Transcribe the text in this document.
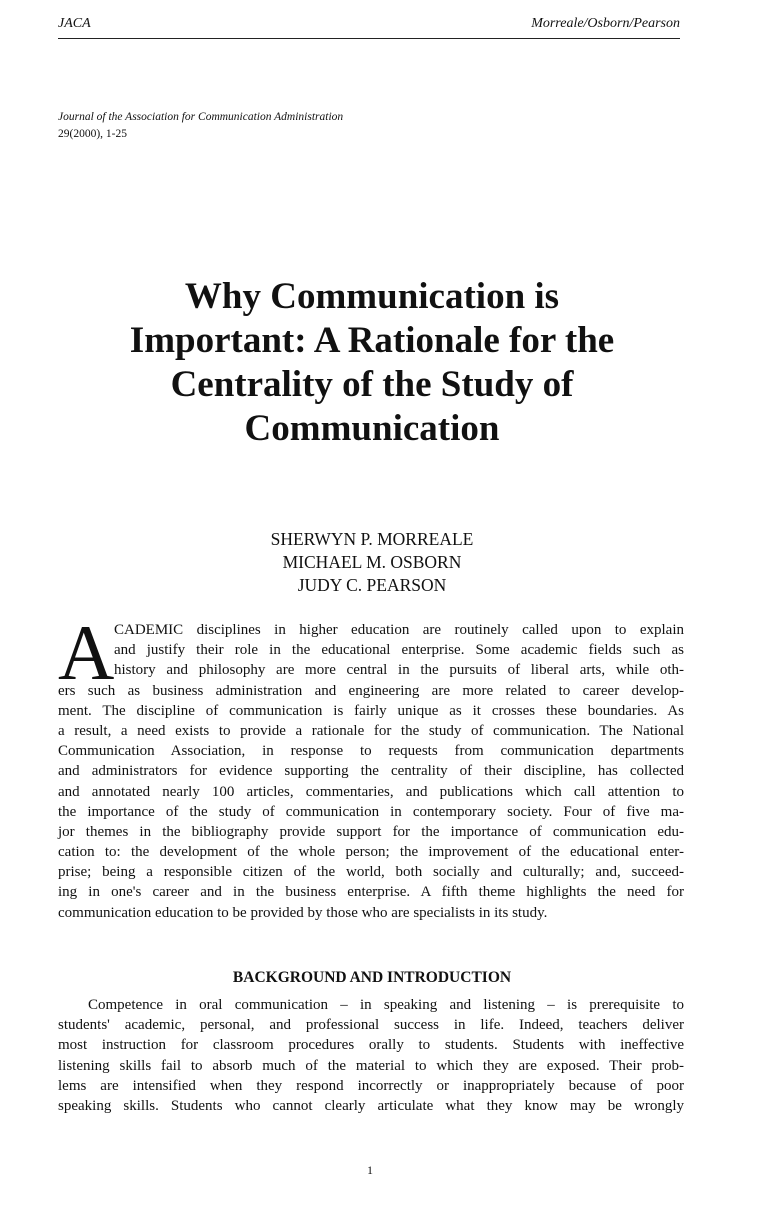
JACA	Morreale/Osborn/Pearson
Journal of the Association for Communication Administration
29(2000), 1-25
Why Communication is
Important: A Rationale for the
Centrality of the Study of
Communication
SHERWYN P. MORREALE
MICHAEL M. OSBORN
JUDY C. PEARSON
A CADEMIC disciplines in higher education are routinely called upon to explain
and justify their role in the educational enterprise. Some academic fields such as
history and philosophy are more central in the pursuits of liberal arts, while oth-
ers such as business administration and engineering are more related to career develop-
ment. The discipline of communication is fairly unique as it crosses these boundaries. As
a result, a need exists to provide a rationale for the study of communication. The National
Communication Association, in response to requests from communication departments
and administrators for evidence supporting the centrality of their discipline, has collected
and annotated nearly 100 articles, commentaries, and publications which call attention to
the importance of the study of communication in contemporary society. Four of five ma-
jor themes in the bibliography provide support for the importance of communication edu-
cation to: the development of the whole person; the improvement of the educational enter-
prise; being a responsible citizen of the world, both socially and culturally; and, succeed-
ing in one's career and in the business enterprise. A fifth theme highlights the need for
communication education to be provided by those who are specialists in its study.
BACKGROUND AND INTRODUCTION
Competence in oral communication – in speaking and listening – is prerequisite to
students' academic, personal, and professional success in life. Indeed, teachers deliver
most instruction for classroom procedures orally to students. Students with ineffective
listening skills fail to absorb much of the material to which they are exposed. Their prob-
lems are intensified when they respond incorrectly or inappropriately because of poor
speaking skills. Students who cannot clearly articulate what they know may be wrongly
1
